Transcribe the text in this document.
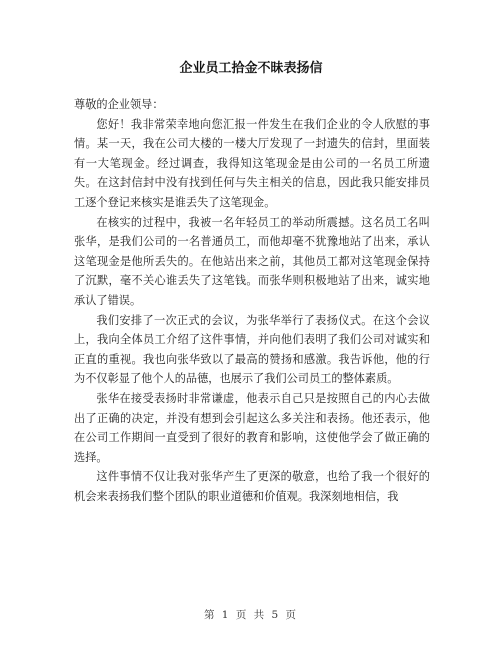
企业员工拾金不昧表扬信

尊敬的企业领导：

您好！我非常荣幸地向您汇报一件发生在我们企业的令人欣慰的事情。某一天，我在公司大楼的一楼大厅发现了一封遗失的信封，里面装有一大笔现金。经过调查，我得知这笔现金是由公司的一名员工所遗失。在这封信封中没有找到任何与失主相关的信息，因此我只能安排员工逐个登记来核实是谁丢失了这笔现金。

在核实的过程中，我被一名年轻员工的举动所震撼。这名员工名叫张华，是我们公司的一名普通员工，而他却毫不犹豫地站了出来，承认这笔现金是他所丢失的。在他站出来之前，其他员工都对这笔现金保持了沉默，毫不关心谁丢失了这笔钱。而张华则积极地站了出来，诚实地承认了错误。

我们安排了一次正式的会议，为张华举行了表扬仪式。在这个会议上，我向全体员工介绍了这件事情，并向他们表明了我们公司对诚实和正直的重视。我也向张华致以了最高的赞扬和感激。我告诉他，他的行为不仅彰显了他个人的品德，也展示了我们公司员工的整体素质。

张华在接受表扬时非常谦虚，他表示自己只是按照自己的内心去做出了正确的决定，并没有想到会引起这么多关注和表扬。他还表示，他在公司工作期间一直受到了很好的教育和影响，这使他学会了做正确的选择。

这件事情不仅让我对张华产生了更深的敬意，也给了我一个很好的机会来表扬我们整个团队的职业道德和价值观。我深刻地相信，我

第 1 页 共 5 页
